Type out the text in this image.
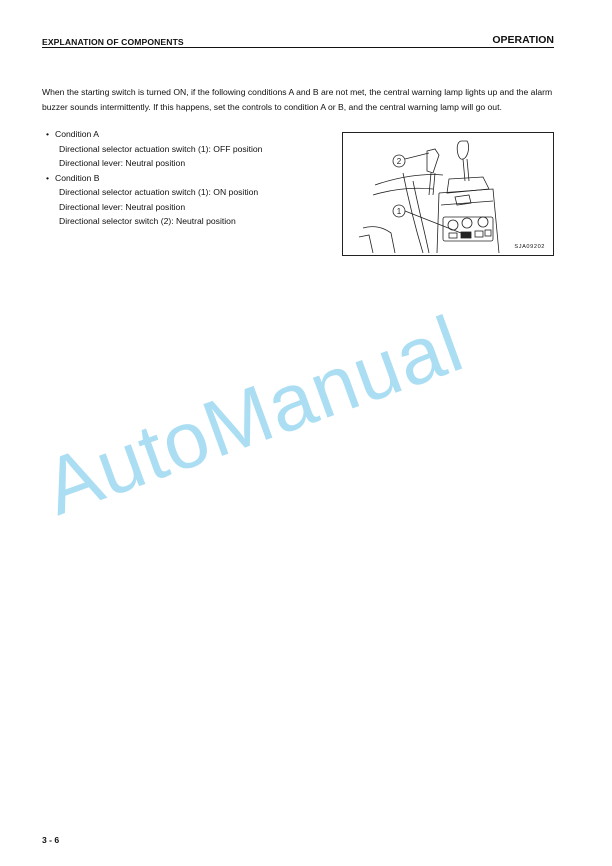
EXPLANATION OF COMPONENTS	OPERATION

When the starting switch is turned ON, if the following conditions A and B are not met, the central warning lamp lights up and the alarm buzzer sounds intermittently. If this happens, set the controls to condition A or B, and the central warning lamp will go out.

• Condition A
Directional selector actuation switch (1): OFF position
Directional lever: Neutral position
• Condition B
Directional selector actuation switch (1): ON position
Directional lever: Neutral position
Directional selector switch (2): Neutral position
2
1
SJA09202
AutoManual
3 - 6
